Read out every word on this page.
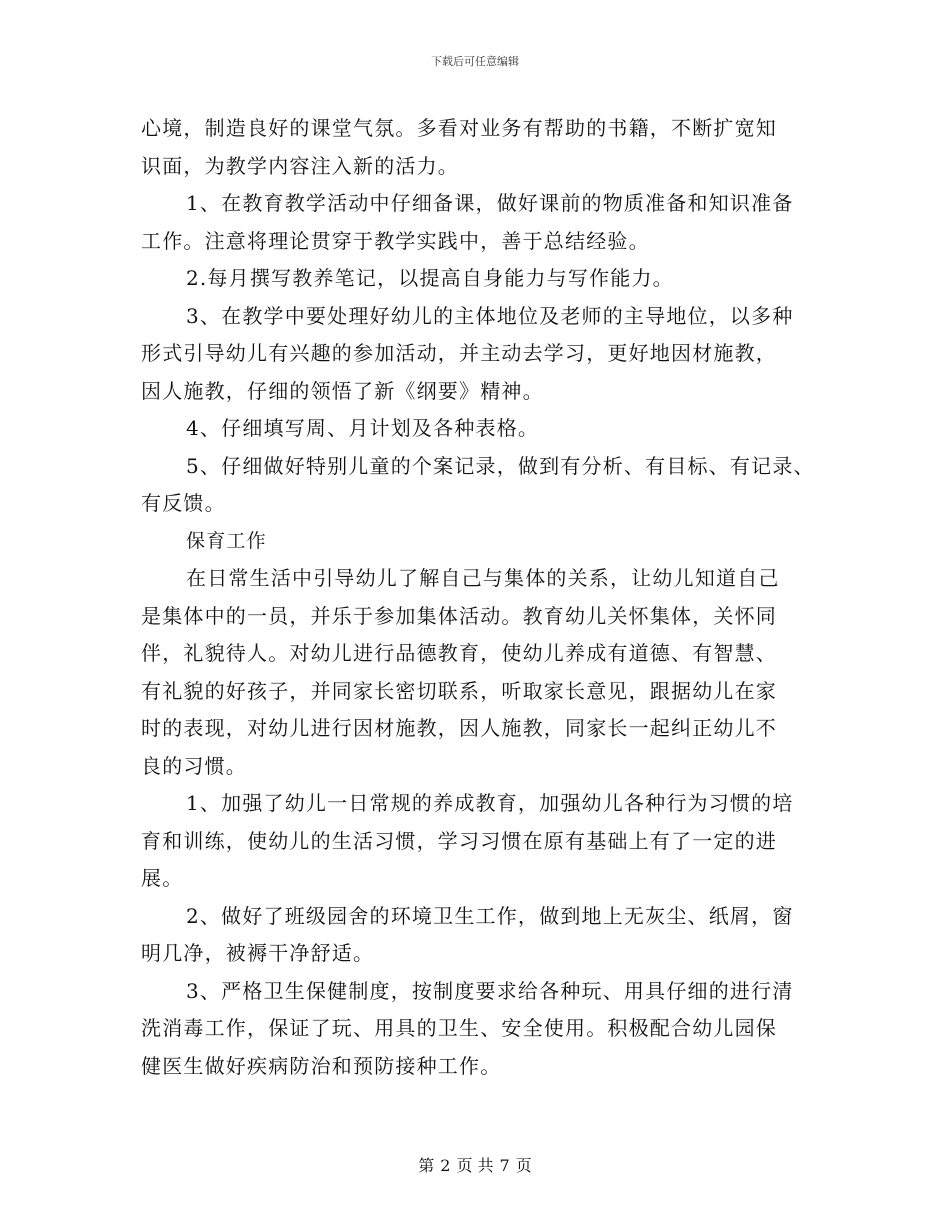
下载后可任意编辑
心境，制造良好的课堂气氛。多看对业务有帮助的书籍，不断扩宽知
识面，为教学内容注入新的活力。
1、在教育教学活动中仔细备课，做好课前的物质准备和知识准备
工作。注意将理论贯穿于教学实践中，善于总结经验。
2.每月撰写教养笔记，以提高自身能力与写作能力。
3、在教学中要处理好幼儿的主体地位及老师的主导地位，以多种
形式引导幼儿有兴趣的参加活动，并主动去学习，更好地因材施教，
因人施教，仔细的领悟了新《纲要》精神。
4、仔细填写周、月计划及各种表格。
5、仔细做好特别儿童的个案记录，做到有分析、有目标、有记录、
有反馈。
保育工作
在日常生活中引导幼儿了解自己与集体的关系，让幼儿知道自己
是集体中的一员，并乐于参加集体活动。教育幼儿关怀集体，关怀同
伴，礼貌待人。对幼儿进行品德教育，使幼儿养成有道德、有智慧、
有礼貌的好孩子，并同家长密切联系，听取家长意见，跟据幼儿在家
时的表现，对幼儿进行因材施教，因人施教，同家长一起纠正幼儿不
良的习惯。
1、加强了幼儿一日常规的养成教育，加强幼儿各种行为习惯的培
育和训练，使幼儿的生活习惯，学习习惯在原有基础上有了一定的进
展。
2、做好了班级园舍的环境卫生工作，做到地上无灰尘、纸屑，窗
明几净，被褥干净舒适。
3、严格卫生保健制度，按制度要求给各种玩、用具仔细的进行清
洗消毒工作，保证了玩、用具的卫生、安全使用。积极配合幼儿园保
健医生做好疾病防治和预防接种工作。
第 2 页 共 7 页
